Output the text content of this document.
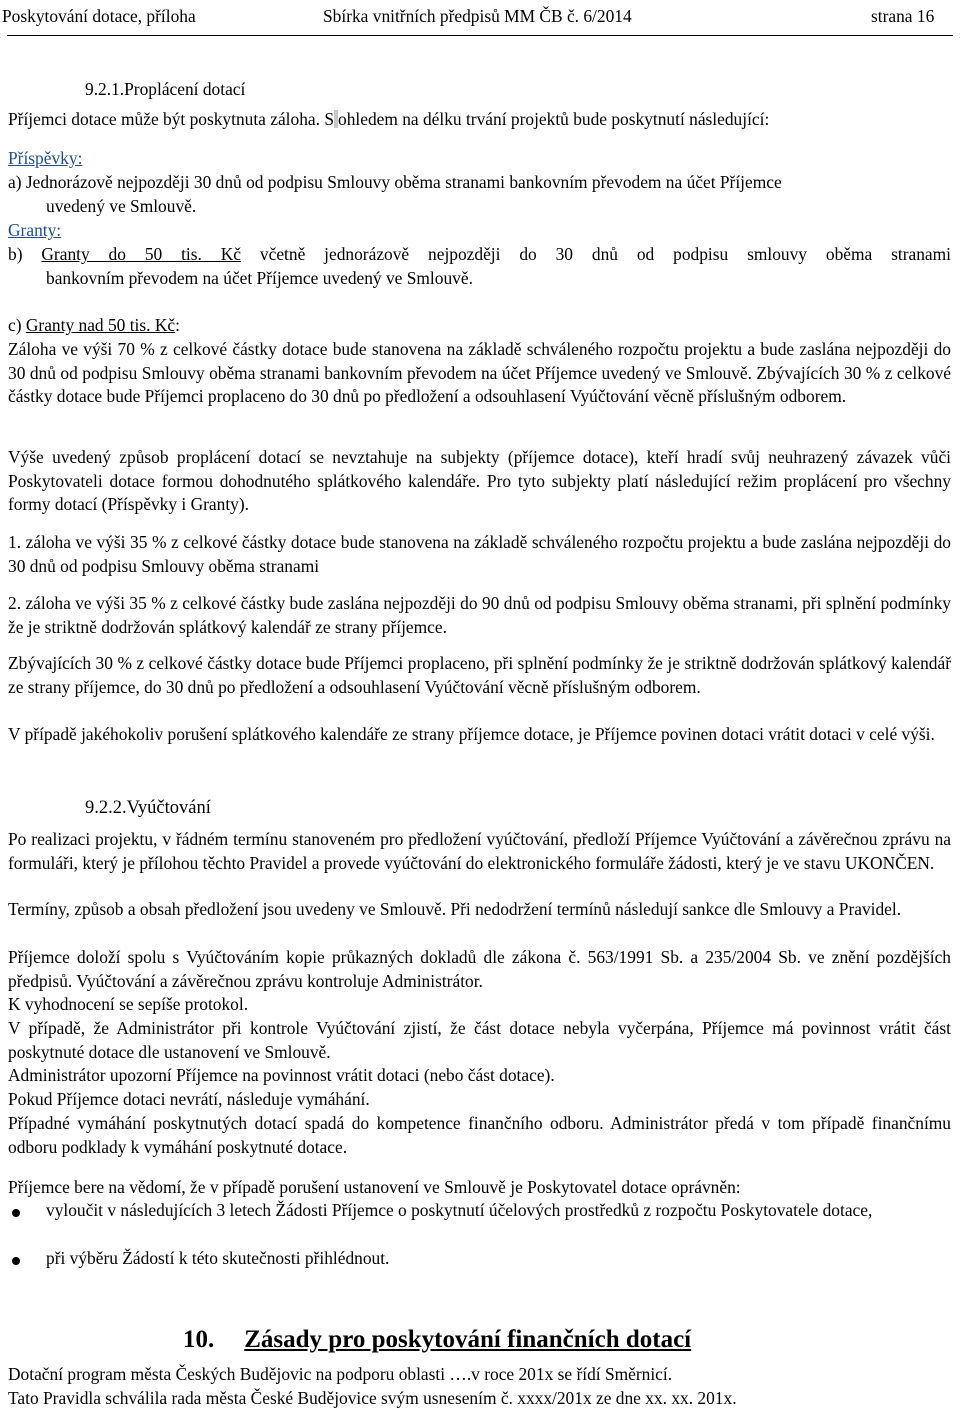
Poskytování dotace, příloha	Sbírka vnitřních předpisů MM ČB č. 6/2014	strana 16
9.2.1.Proplácení dotací
Příjemci dotace může být poskytnuta záloha. S ohledem na délku trvání projektů bude poskytnutí následující:
Příspěvky:
a) Jednorázově nejpozději 30 dnů od podpisu Smlouvy oběma stranami bankovním převodem na účet Příjemce
uvedený ve Smlouvě.
Granty:
b) Granty do 50 tis. Kč včetně jednorázově nejpozději do 30 dnů od podpisu smlouvy oběma stranami
bankovním převodem na účet Příjemce uvedený ve Smlouvě.
c) Granty nad 50 tis. Kč:
Záloha ve výši 70 % z celkové částky dotace bude stanovena na základě schváleného rozpočtu projektu a bude zaslána nejpozději do 30 dnů od podpisu Smlouvy oběma stranami bankovním převodem na účet Příjemce uvedený ve Smlouvě. Zbývajících 30 % z celkové částky dotace bude Příjemci proplaceno do 30 dnů po předložení a odsouhlasení Vyúčtování věcně příslušným odborem.
Výše uvedený způsob proplácení dotací se nevztahuje na subjekty (příjemce dotace), kteří hradí svůj neuhrazený závazek vůči Poskytovateli dotace formou dohodnutého splátkového kalendáře. Pro tyto subjekty platí následující režim proplácení pro všechny formy dotací (Příspěvky i Granty).
1. záloha ve výši 35 % z celkové částky dotace bude stanovena na základě schváleného rozpočtu projektu a bude zaslána nejpozději do 30 dnů od podpisu Smlouvy oběma stranami
2. záloha ve výši 35 % z celkové částky bude zaslána nejpozději do 90 dnů od podpisu Smlouvy oběma stranami, při splnění podmínky že je striktně dodržován splátkový kalendář ze strany příjemce.
Zbývajících 30 % z celkové částky dotace bude Příjemci proplaceno, při splnění podmínky že je striktně dodržován splátkový kalendář ze strany příjemce, do 30 dnů po předložení a odsouhlasení Vyúčtování věcně příslušným odborem.
V případě jakéhokoliv porušení splátkového kalendáře ze strany příjemce dotace, je Příjemce povinen dotaci vrátit dotaci v celé výši.
9.2.2.Vyúčtování
Po realizaci projektu, v řádném termínu stanoveném pro předložení vyúčtování, předloží Příjemce Vyúčtování a závěrečnou zprávu na formuláři, který je přílohou těchto Pravidel a provede vyúčtování do elektronického formuláře žádosti, který je ve stavu UKONČEN.
Termíny, způsob a obsah předložení jsou uvedeny ve Smlouvě. Při nedodržení termínů následují sankce dle Smlouvy a Pravidel.
Příjemce doloží spolu s Vyúčtováním kopie průkazných dokladů dle zákona č. 563/1991 Sb. a 235/2004 Sb. ve znění pozdějších předpisů. Vyúčtování a závěrečnou zprávu kontroluje Administrátor.
K vyhodnocení se sepíše protokol.
V případě, že Administrátor při kontrole Vyúčtování zjistí, že část dotace nebyla vyčerpána, Příjemce má povinnost vrátit část poskytnuté dotace dle ustanovení ve Smlouvě.
Administrátor upozorní Příjemce na povinnost vrátit dotaci (nebo část dotace).
Pokud Příjemce dotaci nevrátí, následuje vymáhání.
Případné vymáhání poskytnutých dotací spadá do kompetence finančního odboru. Administrátor předá v tom případě finančnímu odboru podklady k vymáhání poskytnuté dotace.
Příjemce bere na vědomí, že v případě porušení ustanovení ve Smlouvě je Poskytovatel dotace oprávněn:
vyloučit v následujících 3 letech Žádosti Příjemce o poskytnutí účelových prostředků z rozpočtu Poskytovatele dotace,
při výběru Žádostí k této skutečnosti přihlédnout.
10. Zásady pro poskytování finančních dotací
Dotační program města Českých Budějovic na podporu oblasti ….v roce 201x se řídí Směrnicí.
Tato Pravidla schválila rada města České Budějovice svým usnesením č. xxxx/201x ze dne xx. xx. 201x.
